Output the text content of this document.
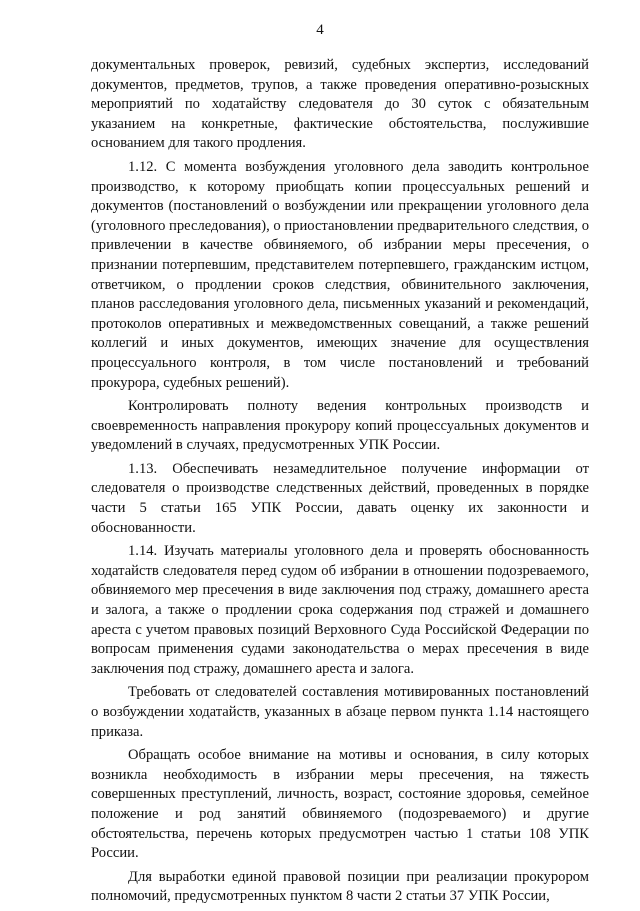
4

документальных проверок, ревизий, судебных экспертиз, исследований документов, предметов, трупов, а также проведения оперативно-розыскных мероприятий по ходатайству следователя до 30 суток с обязательным указанием на конкретные, фактические обстоятельства, послужившие основанием для такого продления.

1.12. С момента возбуждения уголовного дела заводить контрольное производство, к которому приобщать копии процессуальных решений и документов (постановлений о возбуждении или прекращении уголовного дела (уголовного преследования), о приостановлении предварительного следствия, о привлечении в качестве обвиняемого, об избрании меры пресечения, о признании потерпевшим, представителем потерпевшего, гражданским истцом, ответчиком, о продлении сроков следствия, обвинительного заключения, планов расследования уголовного дела, письменных указаний и рекомендаций, протоколов оперативных и межведомственных совещаний, а также решений коллегий и иных документов, имеющих значение для осуществления процессуального контроля, в том числе постановлений и требований прокурора, судебных решений).

Контролировать полноту ведения контрольных производств и своевременность направления прокурору копий процессуальных документов и уведомлений в случаях, предусмотренных УПК России.

1.13. Обеспечивать незамедлительное получение информации от следователя о производстве следственных действий, проведенных в порядке части 5 статьи 165 УПК России, давать оценку их законности и обоснованности.

1.14. Изучать материалы уголовного дела и проверять обоснованность ходатайств следователя перед судом об избрании в отношении подозреваемого, обвиняемого мер пресечения в виде заключения под стражу, домашнего ареста и залога, а также о продлении срока содержания под стражей и домашнего ареста с учетом правовых позиций Верховного Суда Российской Федерации по вопросам применения судами законодательства о мерах пресечения в виде заключения под стражу, домашнего ареста и залога.

Требовать от следователей составления мотивированных постановлений о возбуждении ходатайств, указанных в абзаце первом пункта 1.14 настоящего приказа.

Обращать особое внимание на мотивы и основания, в силу которых возникла необходимость в избрании меры пресечения, на тяжесть совершенных преступлений, личность, возраст, состояние здоровья, семейное положение и род занятий обвиняемого (подозреваемого) и другие обстоятельства, перечень которых предусмотрен частью 1 статьи 108 УПК России.

Для выработки единой правовой позиции при реализации прокурором полномочий, предусмотренных пунктом 8 части 2 статьи 37 УПК России,
